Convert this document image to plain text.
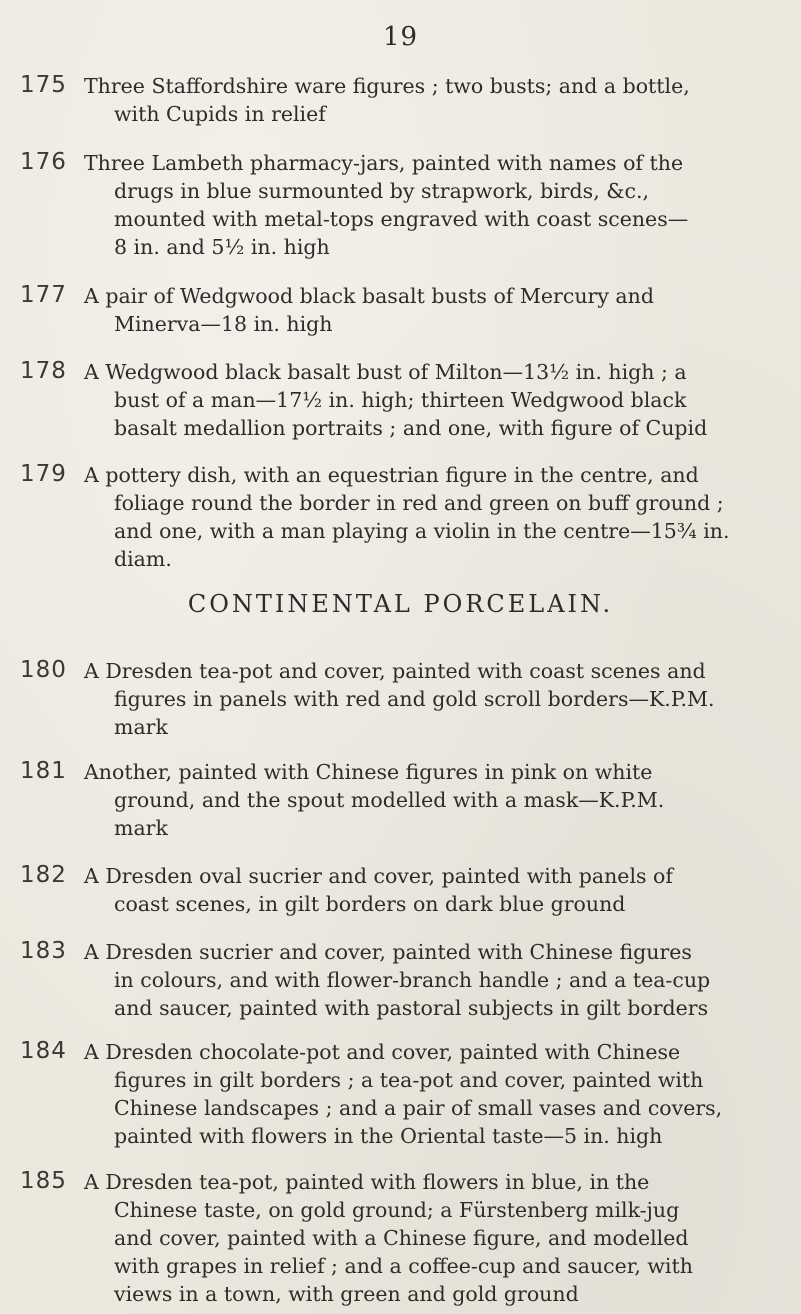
19
175 Three Staffordshire ware figures ; two busts; and a bottle,
with Cupids in relief
176 Three Lambeth pharmacy-jars, painted with names of the
drugs in blue surmounted by strapwork, birds, &c.,
mounted with metal-tops engraved with coast scenes—
8 in. and 5½ in. high
177 A pair of Wedgwood black basalt busts of Mercury and
Minerva—18 in. high
178 A Wedgwood black basalt bust of Milton—13½ in. high ; a
bust of a man—17½ in. high; thirteen Wedgwood black
basalt medallion portraits ; and one, with figure of Cupid
179 A pottery dish, with an equestrian figure in the centre, and
foliage round the border in red and green on buff ground ;
and one, with a man playing a violin in the centre—15¾ in.
diam.
CONTINENTAL PORCELAIN.
180 A Dresden tea-pot and cover, painted with coast scenes and
figures in panels with red and gold scroll borders—K.P.M.
mark
181 Another, painted with Chinese figures in pink on white
ground, and the spout modelled with a mask—K.P.M.
mark
182 A Dresden oval sucrier and cover, painted with panels of
coast scenes, in gilt borders on dark blue ground
183 A Dresden sucrier and cover, painted with Chinese figures
in colours, and with flower-branch handle ; and a tea-cup
and saucer, painted with pastoral subjects in gilt borders
184 A Dresden chocolate-pot and cover, painted with Chinese
figures in gilt borders ; a tea-pot and cover, painted with
Chinese landscapes ; and a pair of small vases and covers,
painted with flowers in the Oriental taste—5 in. high
185 A Dresden tea-pot, painted with flowers in blue, in the
Chinese taste, on gold ground; a Fürstenberg milk-jug
and cover, painted with a Chinese figure, and modelled
with grapes in relief ; and a coffee-cup and saucer, with
views in a town, with green and gold ground
